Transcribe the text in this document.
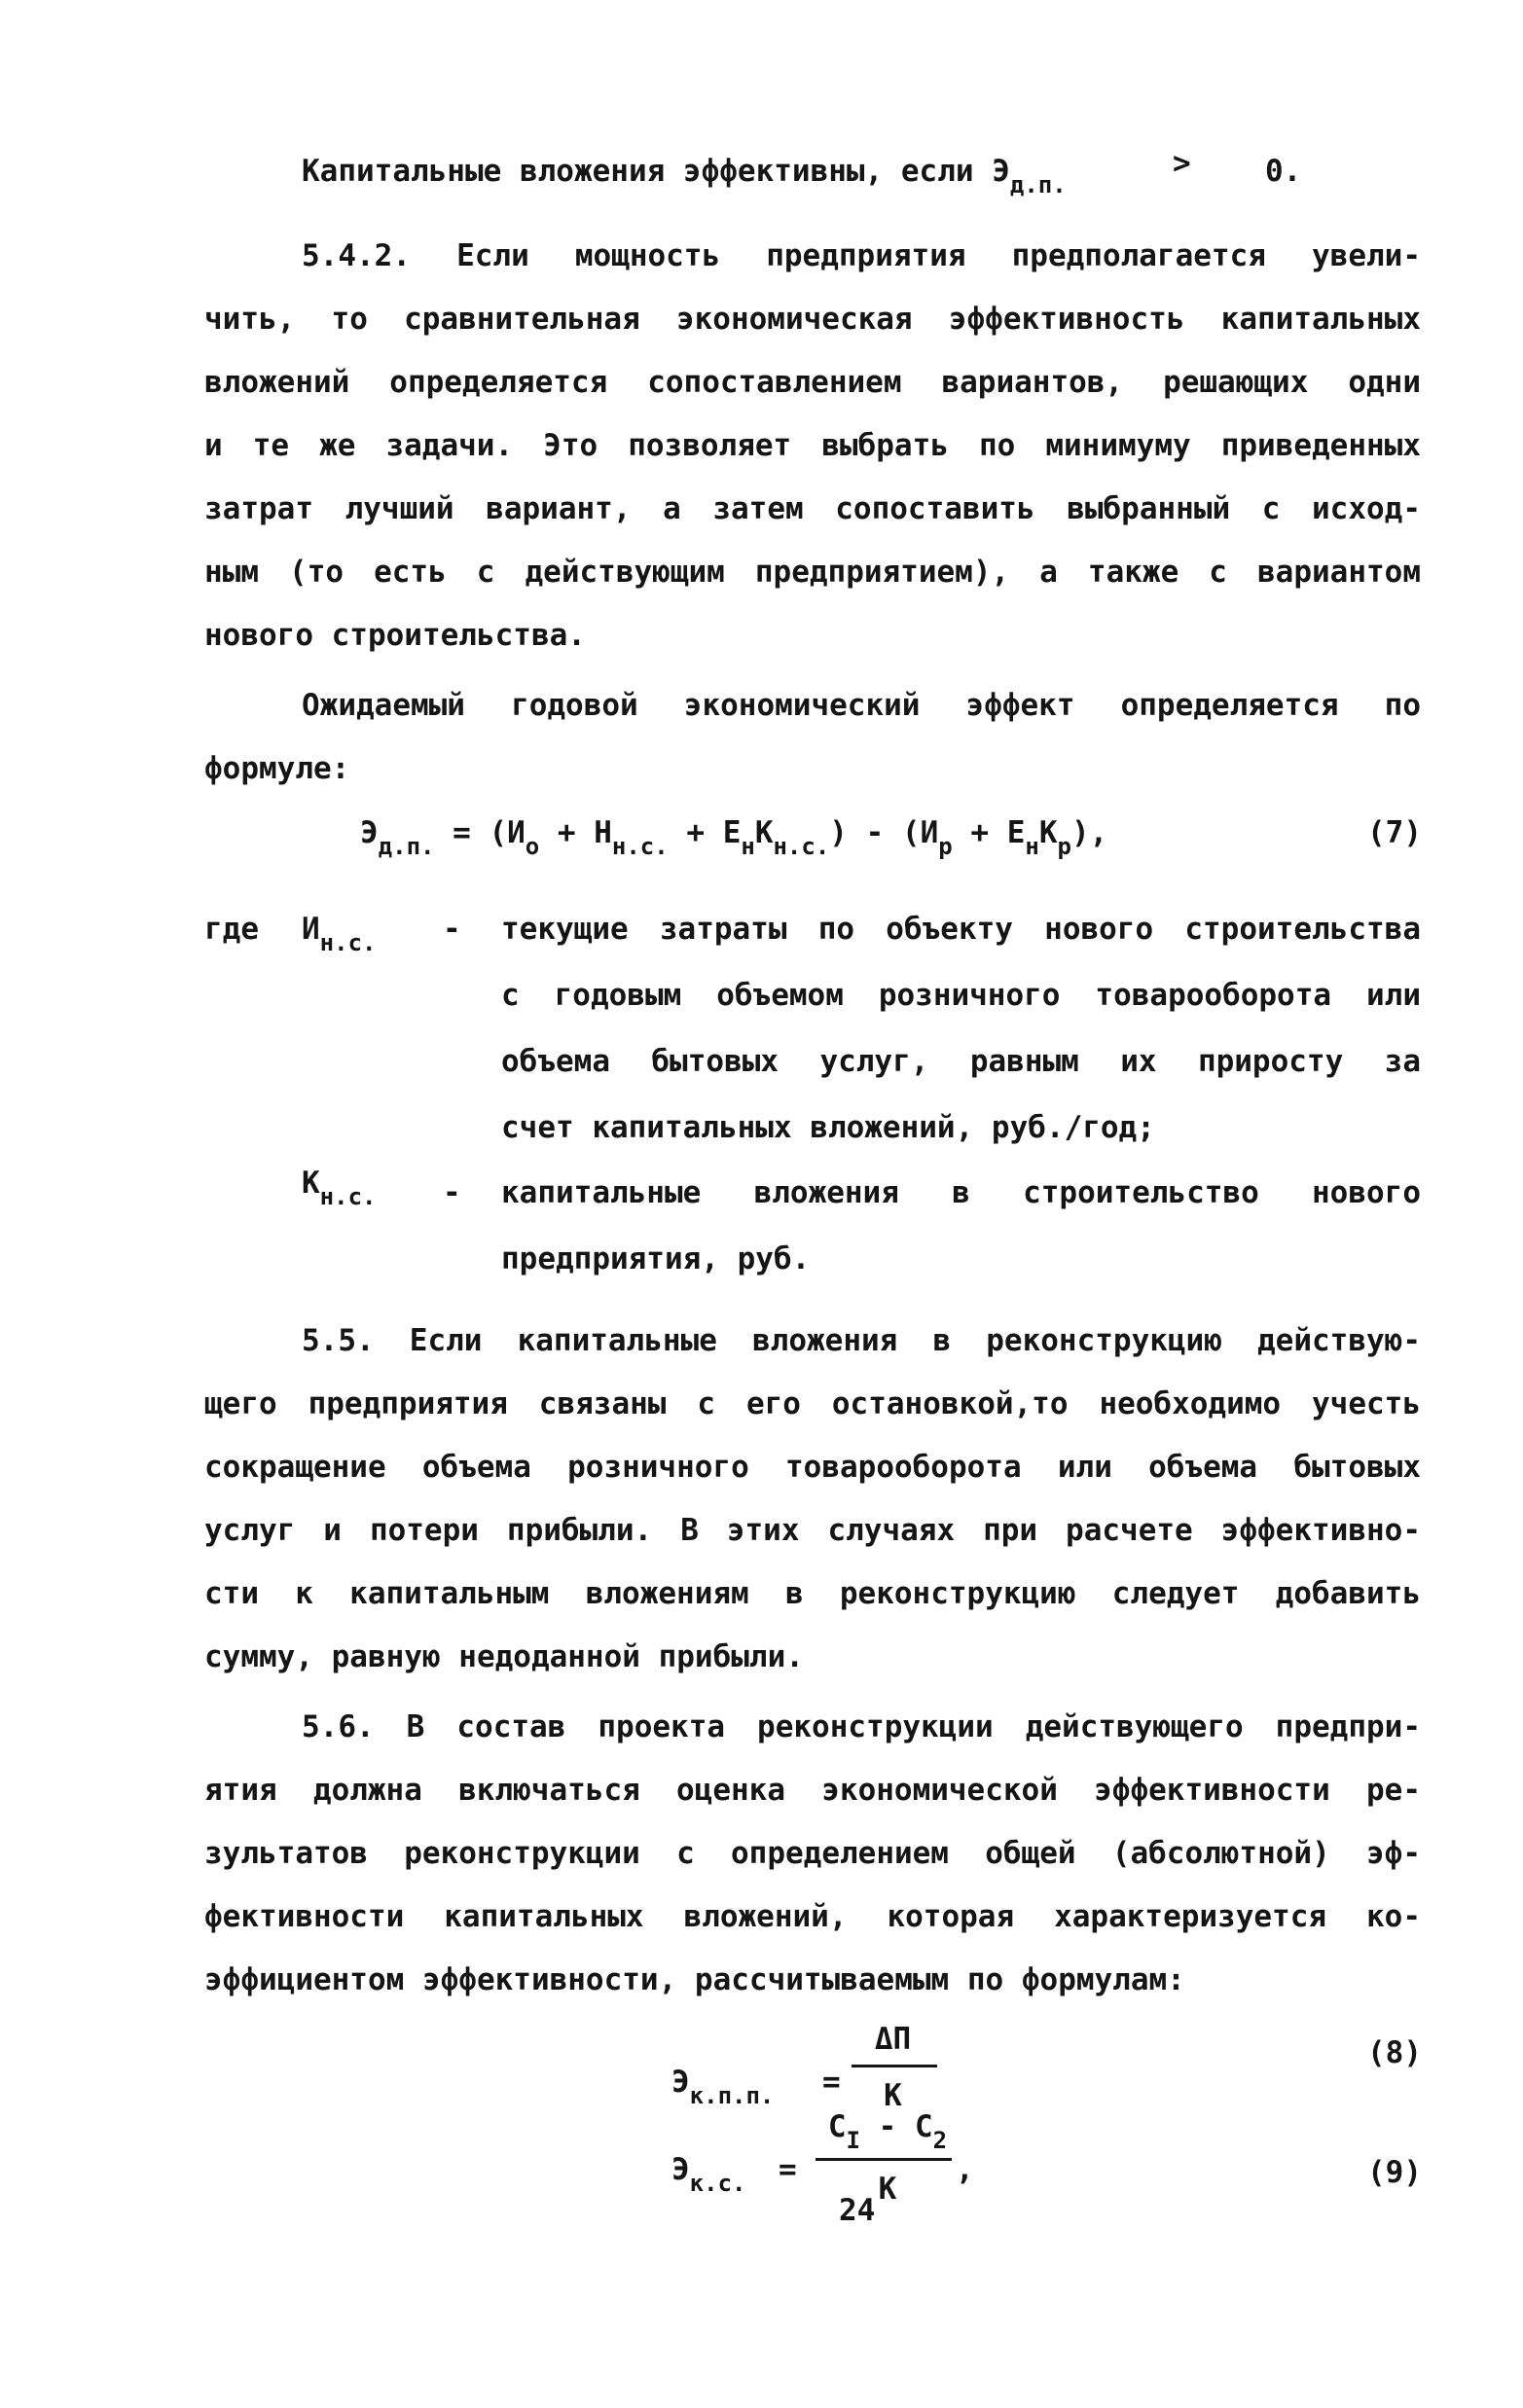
Капитальные вложения эффективны, если $Э_{д.п.}$
> 0.
5.4.2. Если мощность предприятия предполагается увели-
чить, то сравнительная экономическая эффективность капитальных
вложений определяется сопоставлением вариантов, решающих одни
и те же задачи. Это позволяет выбрать по минимуму приведенных
затрат лучший вариант, а затем сопоставить выбранный с исход-
ным (то есть с действующим предприятием), а также с вариантом
нового строительства.
Ожидаемый годовой экономический эффект определяется по
формуле:
$Э_{д.п.} = (И_о + Н_{н.с.} + Е_нК_{н.с.}) - (И_р + Е_нК_р)$,	(7)
где $И_{н.с.}$ - текущие затраты по объекту нового строительства
с годовым объемом розничного товарооборота или
объема бытовых услуг, равным их приросту за
счет капитальных вложений, руб./год;
$К_{н.с.}$ - капитальные вложения в строительство нового
предприятия, руб.
5.5. Если капитальные вложения в реконструкцию действую-
щего предприятия связаны с его остановкой,то необходимо учесть
сокращение объема розничного товарооборота или объема бытовых
услуг и потери прибыли. В этих случаях при расчете эффективно-
сти к капитальным вложениям в реконструкцию следует добавить
сумму, равную недоданной прибыли.
5.6. В состав проекта реконструкции действующего предпри-
ятия должна включаться оценка экономической эффективности ре-
зультатов реконструкции с определением общей (абсолютной) эф-
фективности капитальных вложений, которая характеризуется ко-
эффициентом эффективности, рассчитываемым по формулам:
$Э_{к.п.п.}$ =
ΔП
К
(8)
$Э_{к.с.}$ =
$С_I - С_2$
,
К	(9)
24
